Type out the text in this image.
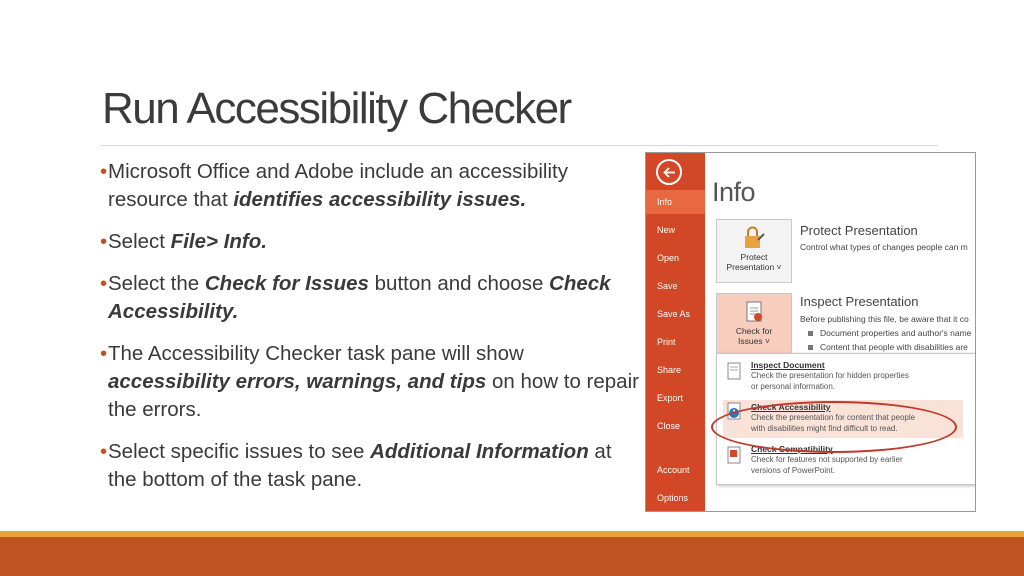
Run Accessibility Checker
• Microsoft Office and Adobe include an accessibility resource that identifies accessibility issues.
• Select File> Info.
• Select the Check for Issues button and choose Check Accessibility.
• The Accessibility Checker task pane will show accessibility errors, warnings, and tips on how to repair the errors.
• Select specific issues to see Additional Information at the bottom of the task pane.
Info
New
Open
Save
Save As
Print
Share
Export
Close
Account
Options
Info
Protect
Presentation ˅
Protect Presentation
Control what types of changes people can m
Check for
Issues ˅
Inspect Presentation
Before publishing this file, be aware that it co
Document properties and author's name
Content that people with disabilities are
Inspect Document
Check the presentation for hidden properties
or personal information.
Check Accessibility
Check the presentation for content that people
with disabilities might find difficult to read.
Check Compatibility
Check for features not supported by earlier
versions of PowerPoint.
